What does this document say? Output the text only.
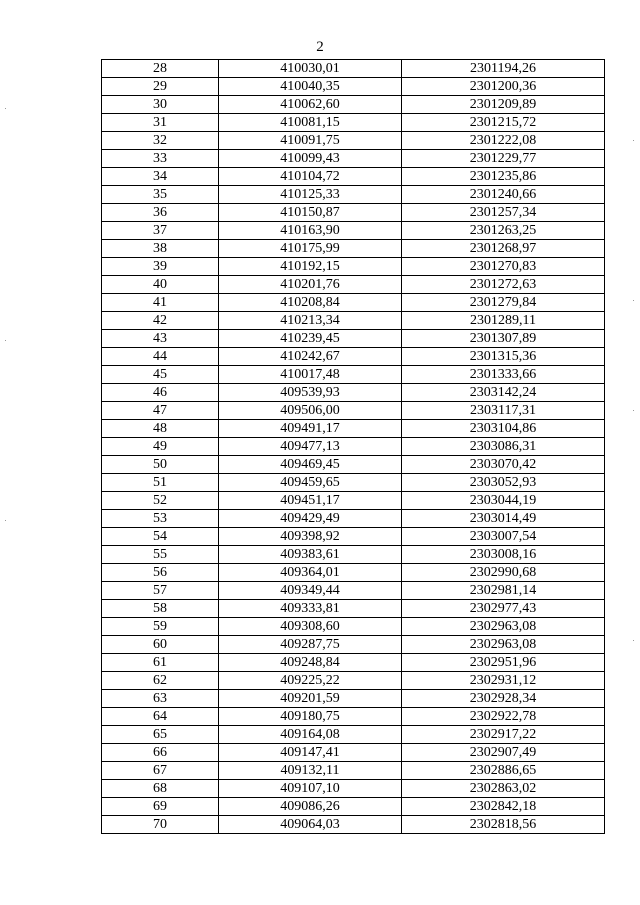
2
28	410030,01	2301194,26
29	410040,35	2301200,36
30	410062,60	2301209,89
31	410081,15	2301215,72
32	410091,75	2301222,08
33	410099,43	2301229,77
34	410104,72	2301235,86
35	410125,33	2301240,66
36	410150,87	2301257,34
37	410163,90	2301263,25
38	410175,99	2301268,97
39	410192,15	2301270,83
40	410201,76	2301272,63
41	410208,84	2301279,84
42	410213,34	2301289,11
43	410239,45	2301307,89
44	410242,67	2301315,36
45	410017,48	2301333,66
46	409539,93	2303142,24
47	409506,00	2303117,31
48	409491,17	2303104,86
49	409477,13	2303086,31
50	409469,45	2303070,42
51	409459,65	2303052,93
52	409451,17	2303044,19
53	409429,49	2303014,49
54	409398,92	2303007,54
55	409383,61	2303008,16
56	409364,01	2302990,68
57	409349,44	2302981,14
58	409333,81	2302977,43
59	409308,60	2302963,08
60	409287,75	2302963,08
61	409248,84	2302951,96
62	409225,22	2302931,12
63	409201,59	2302928,34
64	409180,75	2302922,78
65	409164,08	2302917,22
66	409147,41	2302907,49
67	409132,11	2302886,65
68	409107,10	2302863,02
69	409086,26	2302842,18
70	409064,03	2302818,56
